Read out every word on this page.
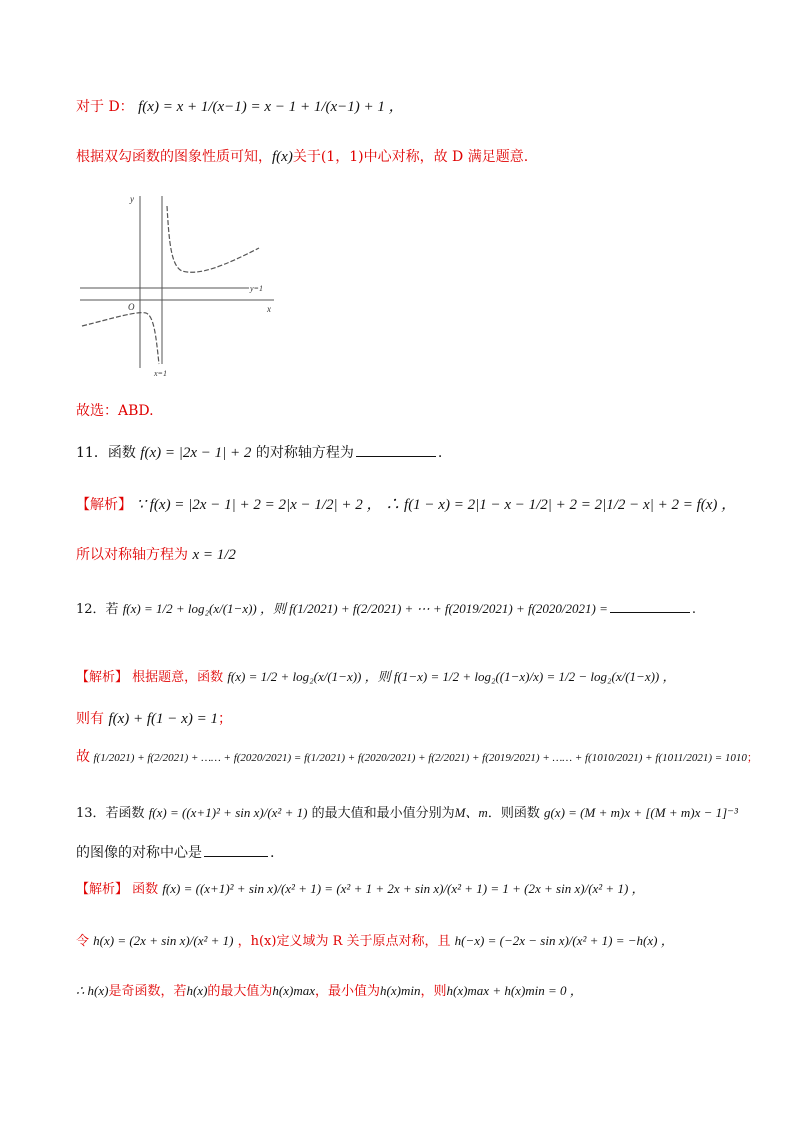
对于 D： f(x) = x + 1/(x−1) = x − 1 + 1/(x−1) + 1 ，
根据双勾函数的图象性质可知，f(x)关于(1，1)中心对称，故 D 满足题意.
x
y
y=1
x=1
O
故选：ABD.
11．函数 f(x) = |2x − 1| + 2 的对称轴方程为	.
【解析】 ∵ f(x) = |2x − 1| + 2 = 2|x − 1/2| + 2 ， ∴ f(1 − x) = 2|1 − x − 1/2| + 2 = 2|1/2 − x| + 2 = f(x) ，
所以对称轴方程为 x = 1/2
12．若 f(x) = 1/2 + log₂(x/(1−x)) ，则 f(1/2021) + f(2/2021) + ⋯ + f(2019/2021) + f(2020/2021) =	.
【解析】 根据题意，函数 f(x) = 1/2 + log₂(x/(1−x)) ，则 f(1−x) = 1/2 + log₂((1−x)/x) = 1/2 − log₂(x/(1−x)) ，
则有 f(x) + f(1 − x) = 1；
故 f(1/2021) + f(2/2021) + …… + f(2020/2021) = f(1/2021) + f(2020/2021) + f(2/2021) + f(2019/2021) + …… + f(1010/2021) + f(1011/2021) = 1010；
13．若函数 f(x) = ((x+1)² + sin x)/(x² + 1) 的最大值和最小值分别为M、m．则函数 g(x) = (M + m)x + [(M + m)x − 1]⁻³
的图像的对称中心是	.
【解析】 函数 f(x) = ((x+1)² + sin x)/(x² + 1) = (x² + 1 + 2x + sin x)/(x² + 1) = 1 + (2x + sin x)/(x² + 1) ，
令 h(x) = (2x + sin x)/(x² + 1) ，h(x)定义域为 R 关于原点对称，且 h(−x) = (−2x − sin x)/(x² + 1) = −h(x) ，
∴ h(x)是奇函数，若h(x)的最大值为h(x)max，最小值为h(x)min，则h(x)max + h(x)min = 0 ，
